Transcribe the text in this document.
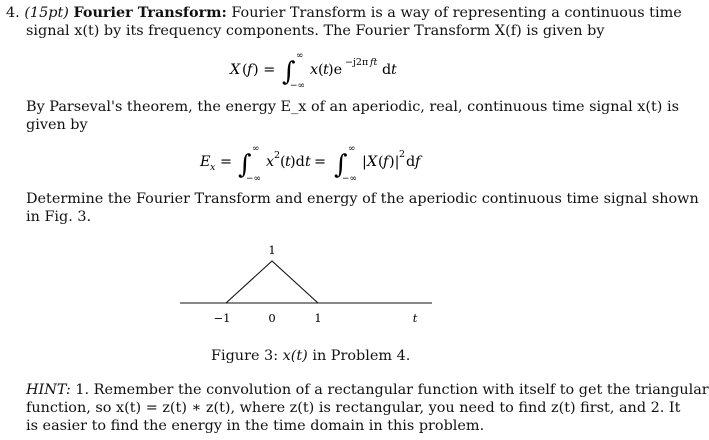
4. (15pt) Fourier Transform: Fourier Transform is a way of representing a continuous time
signal x(t) by its frequency components. The Fourier Transform X(f) is given by
X ( f ) = ∫
∞
−∞
x ( t )e −j2π ft d t
By Parseval's theorem, the energy E_x of an aperiodic, real, continuous time signal x(t) is
given by
E x = ∫
∞
−∞
x 2 ( t )d t = ∫
∞
−∞
| X ( f )| 2 d f
Determine the Fourier Transform and energy of the aperiodic continuous time signal shown
in Fig. 3.
1
−1	0	1	t
Figure 3: x(t) in Problem 4.
HINT: 1. Remember the convolution of a rectangular function with itself to get the triangular
function, so x(t) = z(t) ∗ z(t), where z(t) is rectangular, you need to find z(t) first, and 2. It
is easier to find the energy in the time domain in this problem.
